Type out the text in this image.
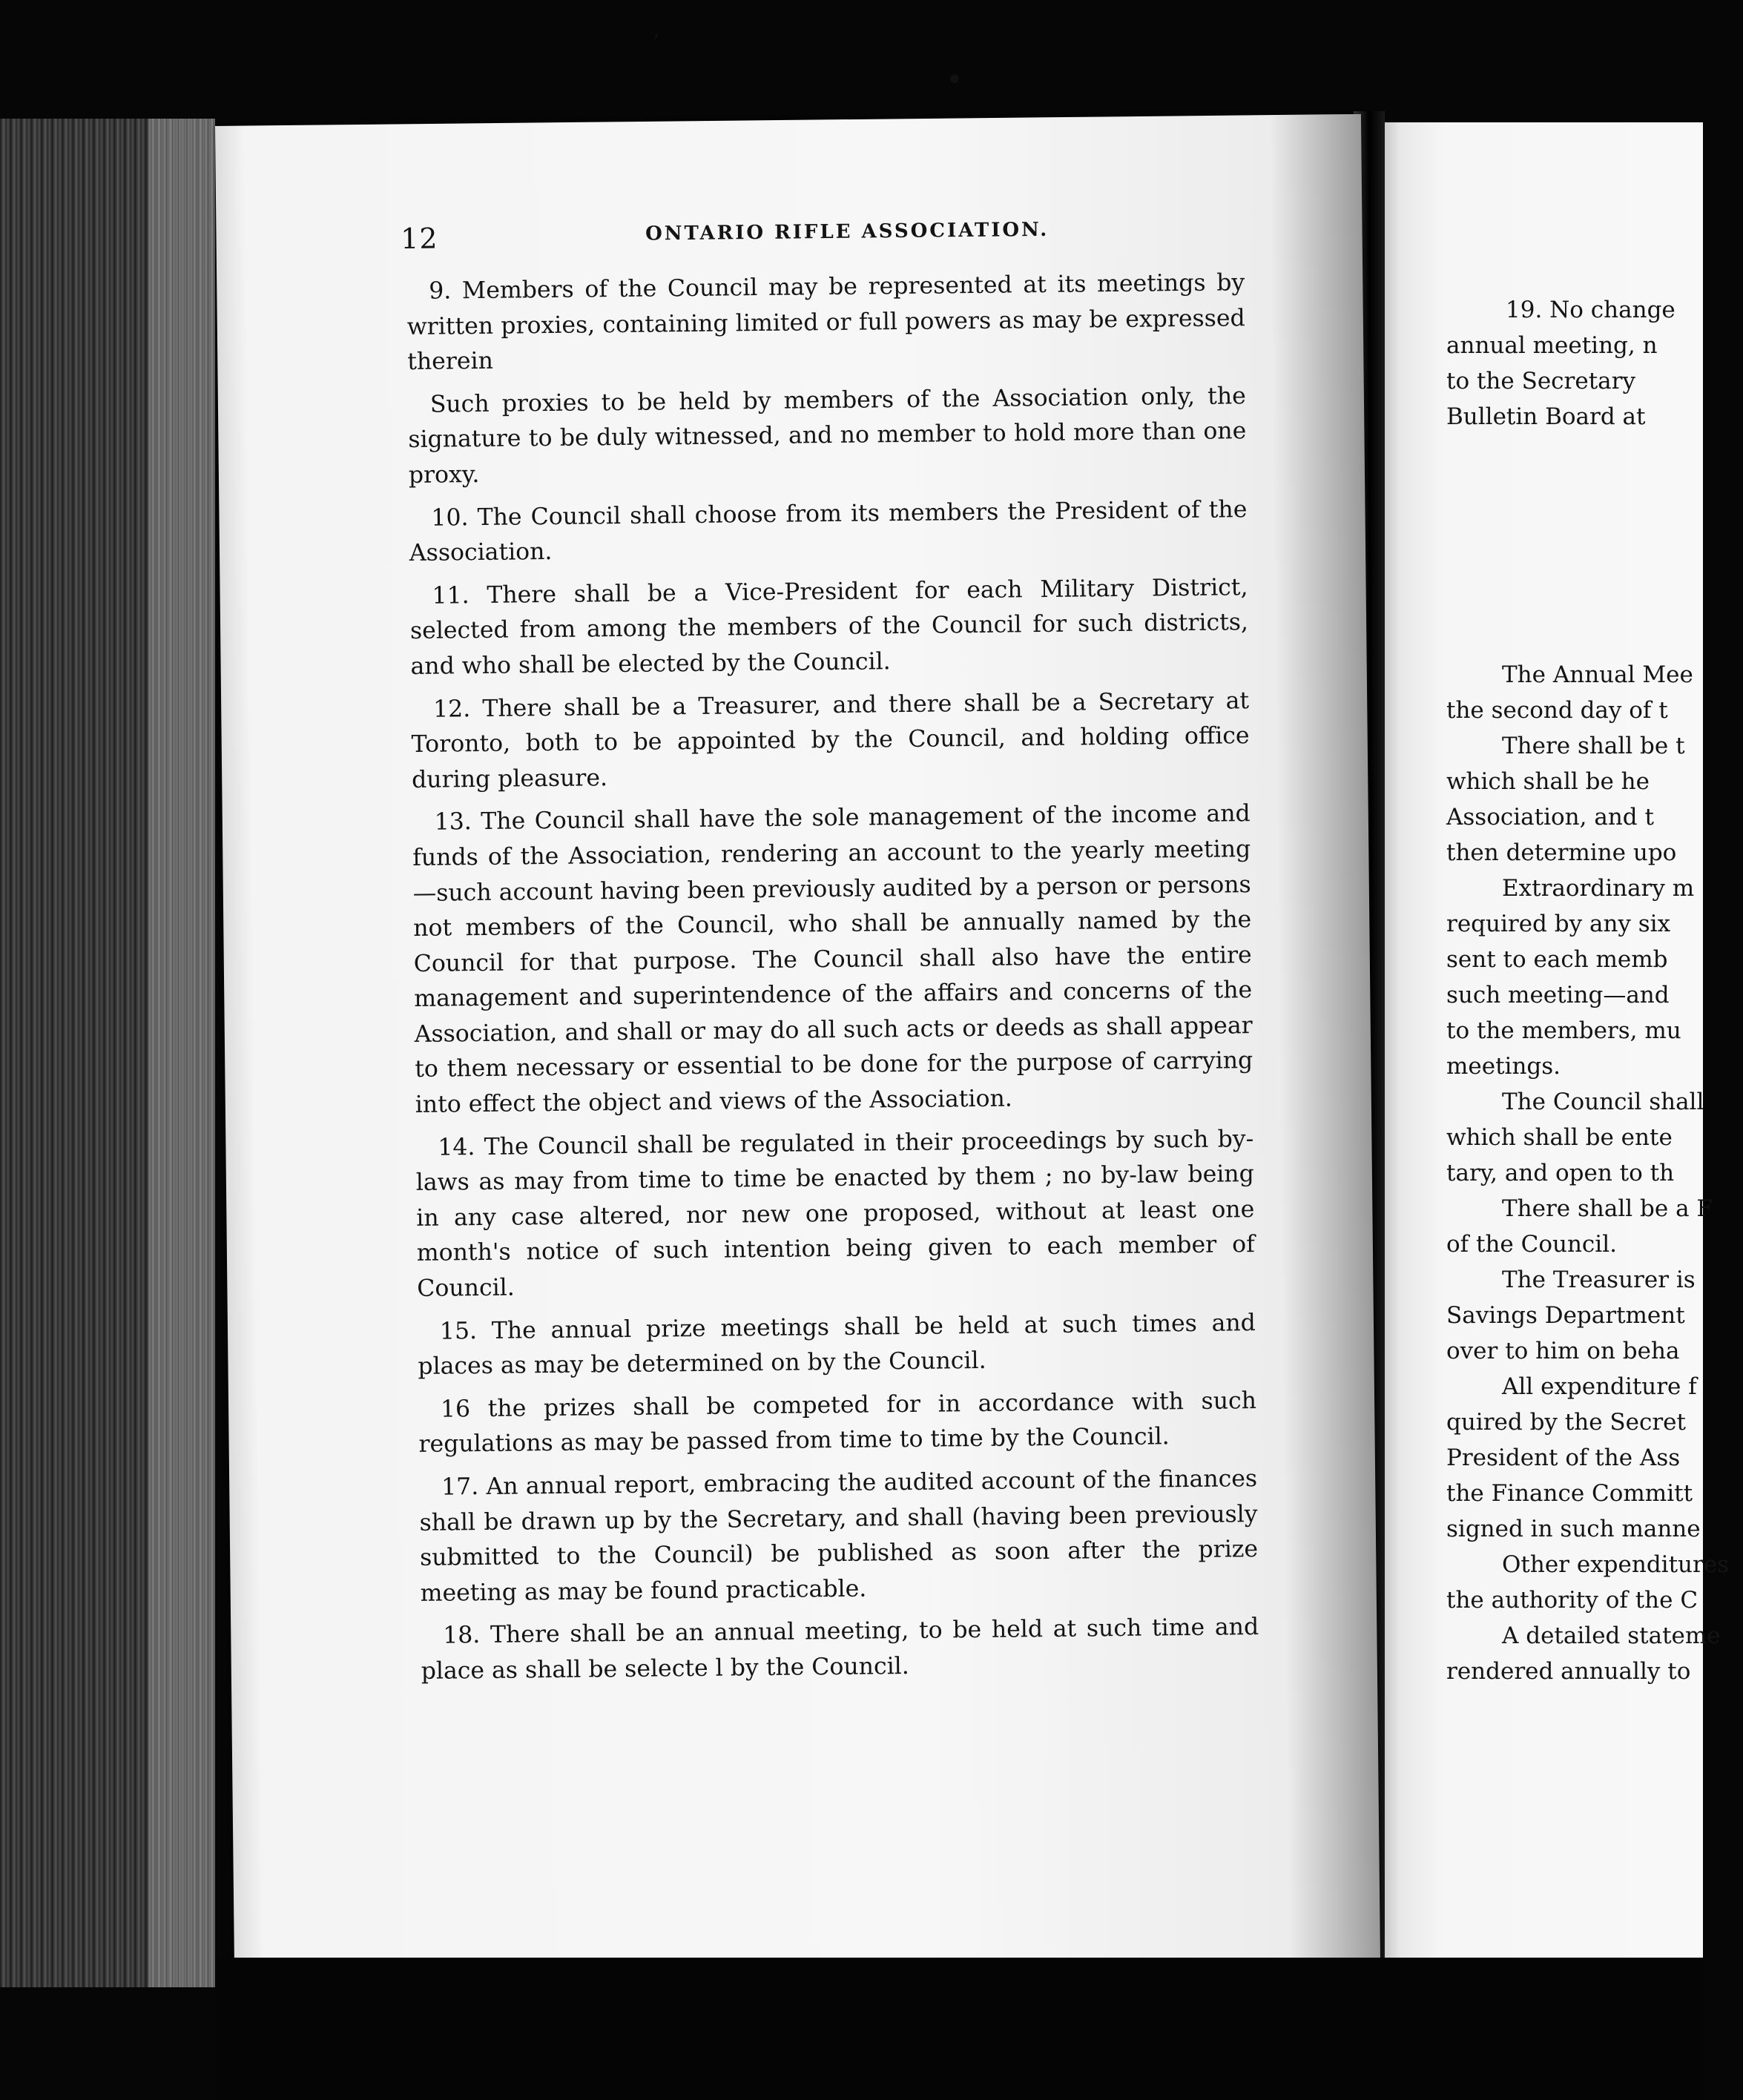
’
•
12	ONTARIO RIFLE ASSOCIATION.

9. Members of the Council may be represented at its meetings by written proxies, containing limited or full powers as may be expressed therein

Such proxies to be held by members of the Association only, the signature to be duly witnessed, and no member to hold more than one proxy.

10. The Council shall choose from its members the President of the Association.

11. There shall be a Vice-President for each Military District, selected from among the members of the Council for such districts, and who shall be elected by the Council.

12. There shall be a Treasurer, and there shall be a Secretary at Toronto, both to be appointed by the Council, and holding office during pleasure.

13. The Council shall have the sole management of the income and funds of the Association, rendering an account to the yearly meeting —such account having been previously audited by a person or persons not members of the Council, who shall be annually named by the Council for that purpose. The Council shall also have the entire management and superintendence of the affairs and concerns of the Association, and shall or may do all such acts or deeds as shall appear to them necessary or essential to be done for the purpose of carrying into effect the object and views of the Association.

14. The Council shall be regulated in their proceedings by such by-laws as may from time to time be enacted by them ; no by-law being in any case altered, nor new one proposed, without at least one month's notice of such intention being given to each member of Council.

15. The annual prize meetings shall be held at such times and places as may be determined on by the Council.

16 the prizes shall be competed for in accordance with such regulations as may be passed from time to time by the Council.

17. An annual report, embracing the audited account of the finances shall be drawn up by the Secretary, and shall (having been previously submitted to the Council) be published as soon after the prize meeting as may be found practicable.

18. There shall be an annual meeting, to be held at such time and place as shall be selecte l by the Council.

19. No change
annual meeting, n
to the Secretary
Bulletin Board at
The Annual Mee
the second day of t
There shall be t
which shall be he
Association, and t
then determine upo
Extraordinary m
required by any six
sent to each memb
such meeting—and
to the members, mu
meetings.
The Council shall
which shall be ente
tary, and open to th
There shall be a F
of the Council.
The Treasurer is
Savings Department
over to him on beha
All expenditure f
quired by the Secret
President of the Ass
the Finance Committ
signed in such manne
Other expenditures
the authority of the C
A detailed stateme
rendered annually to
